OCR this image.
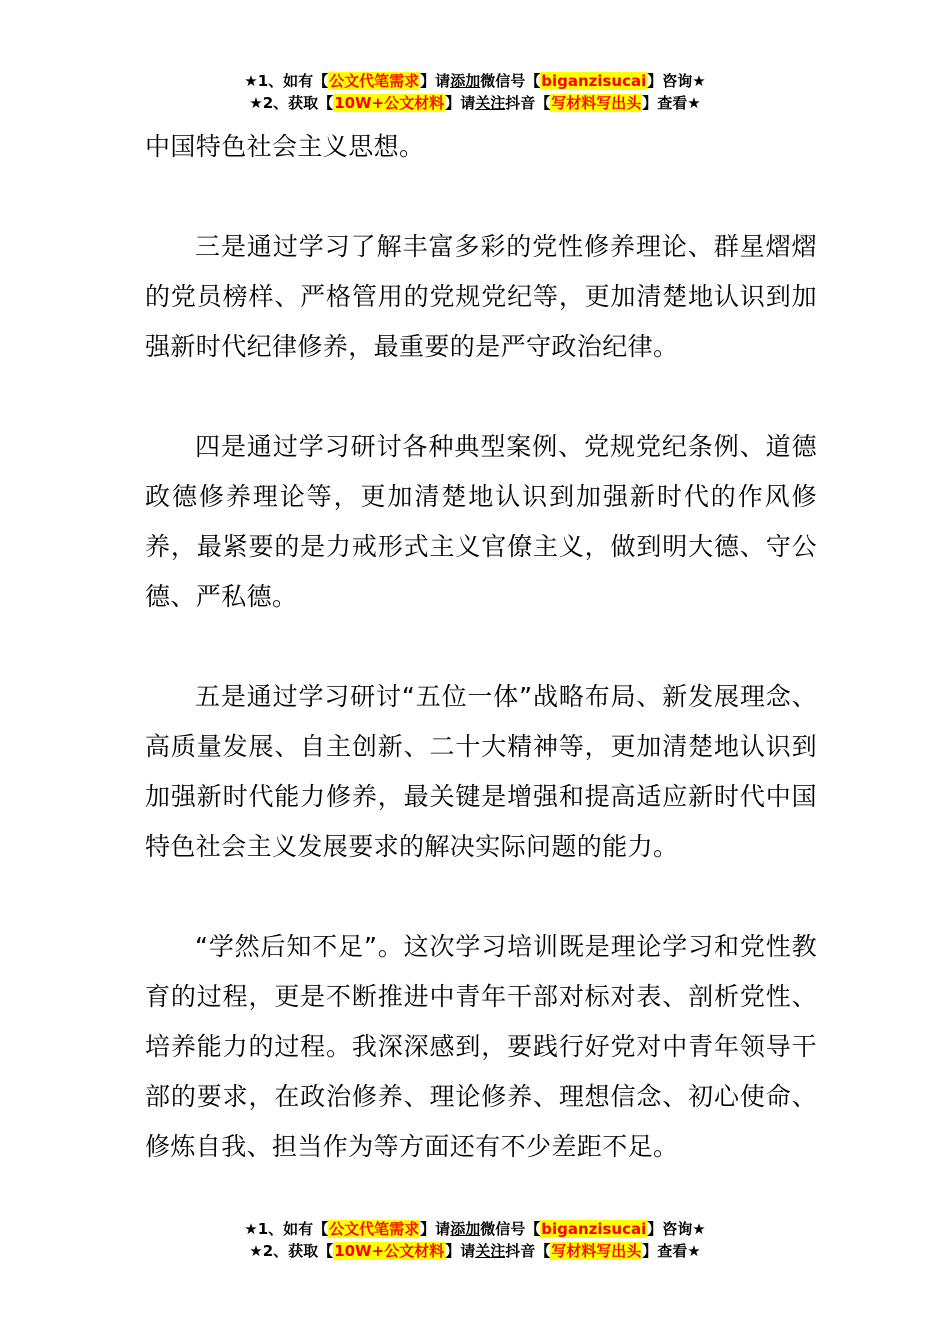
★1、如有【公文代笔需求】请添加微信号【biganzisucai】咨询★
★2、获取【10W+公文材料】请关注抖音【写材料写出头】查看★

中国特色社会主义思想。

三是通过学习了解丰富多彩的党性修养理论、群星熠熠的党员榜样、严格管用的党规党纪等，更加清楚地认识到加强新时代纪律修养，最重要的是严守政治纪律。

四是通过学习研讨各种典型案例、党规党纪条例、道德政德修养理论等，更加清楚地认识到加强新时代的作风修养，最紧要的是力戒形式主义官僚主义，做到明大德、守公德、严私德。

五是通过学习研讨“五位一体”战略布局、新发展理念、高质量发展、自主创新、二十大精神等，更加清楚地认识到加强新时代能力修养，最关键是增强和提高适应新时代中国特色社会主义发展要求的解决实际问题的能力。

“学然后知不足”。这次学习培训既是理论学习和党性教育的过程，更是不断推进中青年干部对标对表、剖析党性、培养能力的过程。我深深感到，要践行好党对中青年领导干部的要求，在政治修养、理论修养、理想信念、初心使命、修炼自我、担当作为等方面还有不少差距不足。

★1、如有【公文代笔需求】请添加微信号【biganzisucai】咨询★
★2、获取【10W+公文材料】请关注抖音【写材料写出头】查看★
